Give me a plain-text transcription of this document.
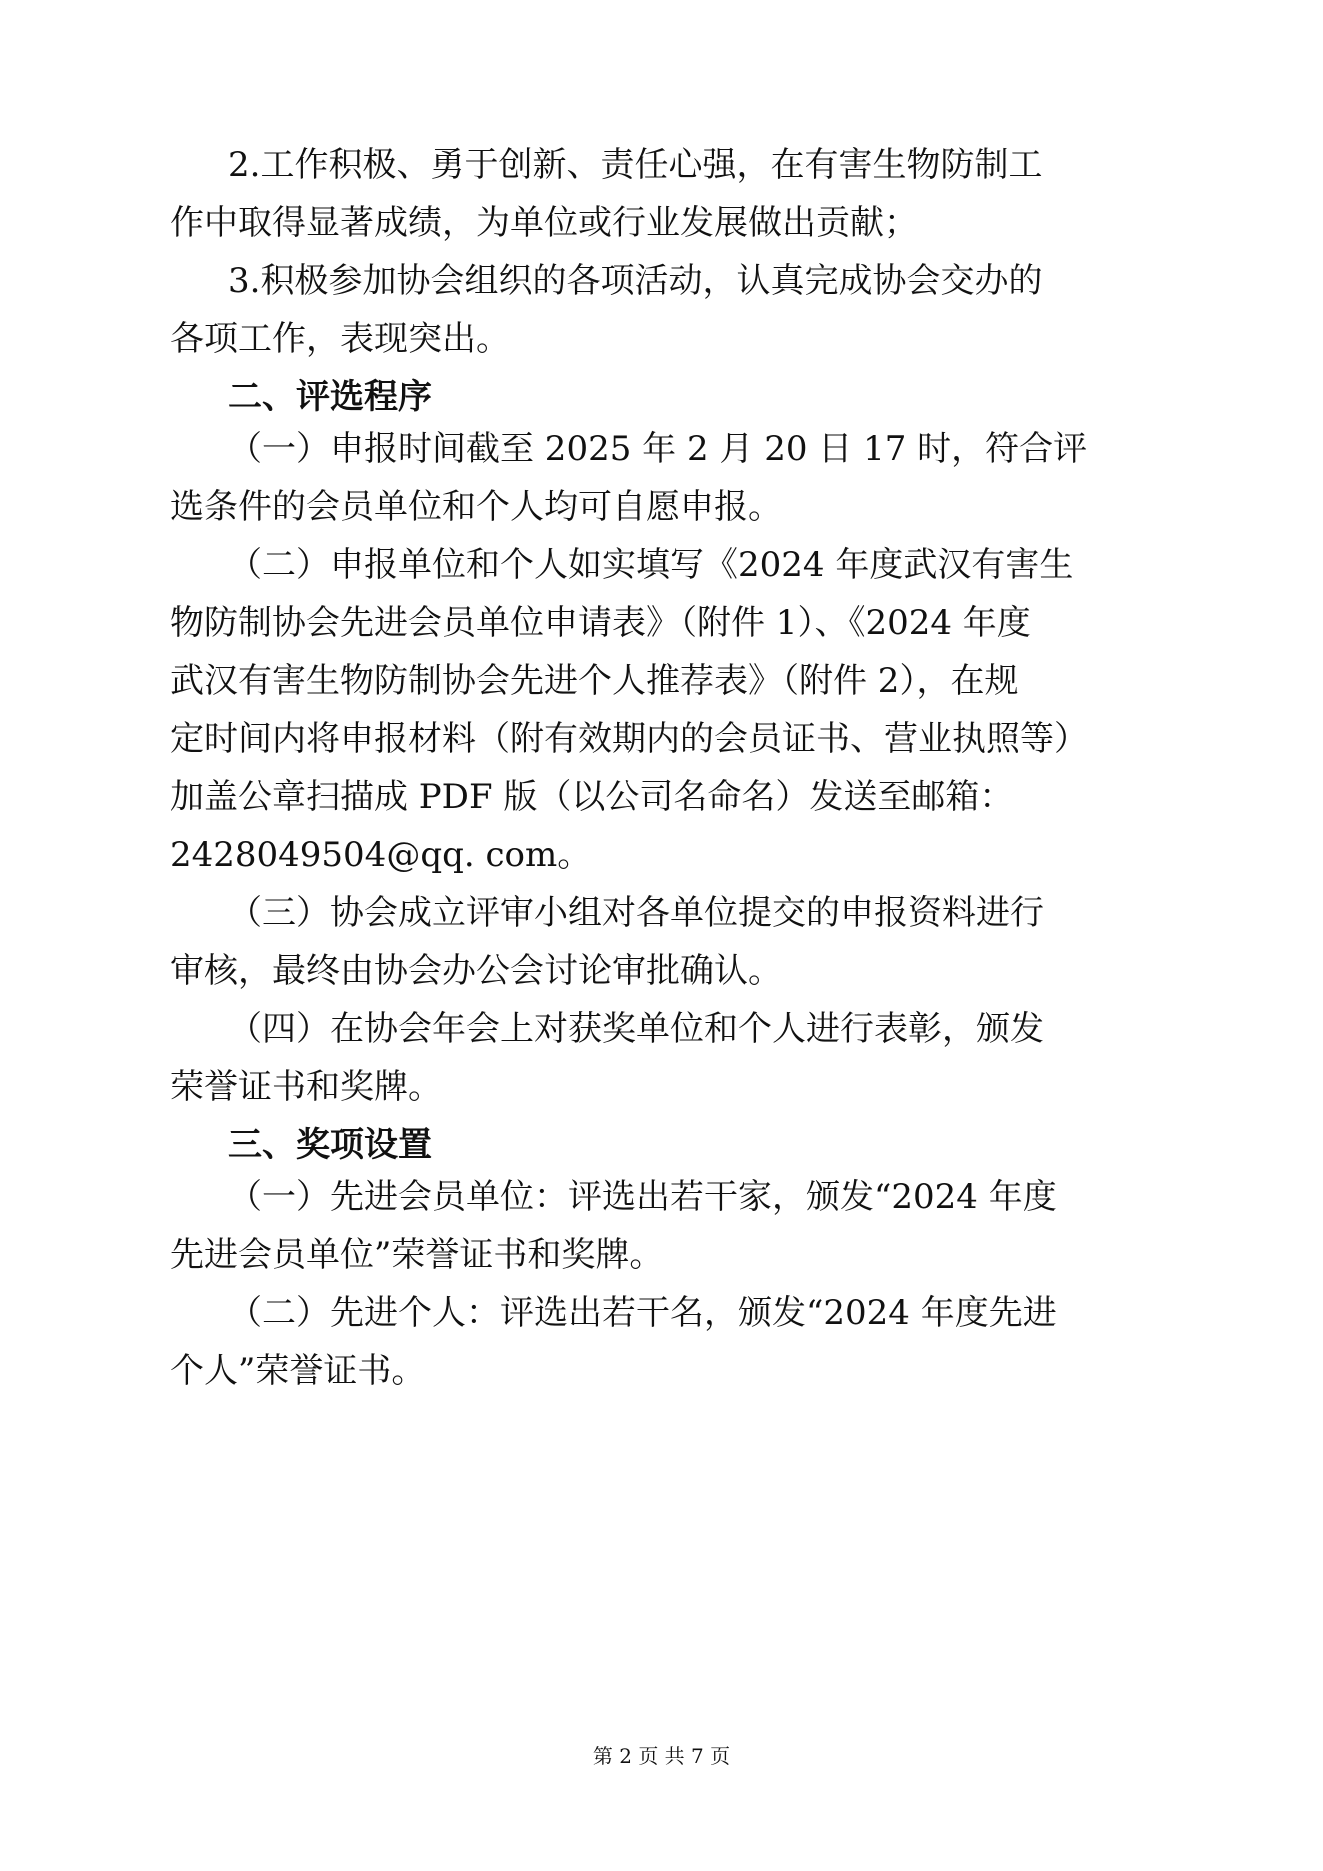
2.工作积极、勇于创新、责任心强，在有害生物防制工
作中取得显著成绩，为单位或行业发展做出贡献；
3.积极参加协会组织的各项活动，认真完成协会交办的
各项工作，表现突出。
二、评选程序
（一）申报时间截至 2025 年 2 月 20 日 17 时，符合评
选条件的会员单位和个人均可自愿申报。
（二）申报单位和个人如实填写《2024 年度武汉有害生
物防制协会先进会员单位申请表》（附件 1）、《2024 年度
武汉有害生物防制协会先进个人推荐表》（附件 2），在规
定时间内将申报材料（附有效期内的会员证书、营业执照等）
加盖公章扫描成 PDF 版（以公司名命名）发送至邮箱：
2428049504@qq. com。
（三）协会成立评审小组对各单位提交的申报资料进行
审核，最终由协会办公会讨论审批确认。
（四）在协会年会上对获奖单位和个人进行表彰，颁发
荣誉证书和奖牌。
三、奖项设置
（一）先进会员单位：评选出若干家，颁发“2024 年度
先进会员单位”荣誉证书和奖牌。
（二）先进个人：评选出若干名，颁发“2024 年度先进
个人”荣誉证书。
第 2 页 共 7 页
